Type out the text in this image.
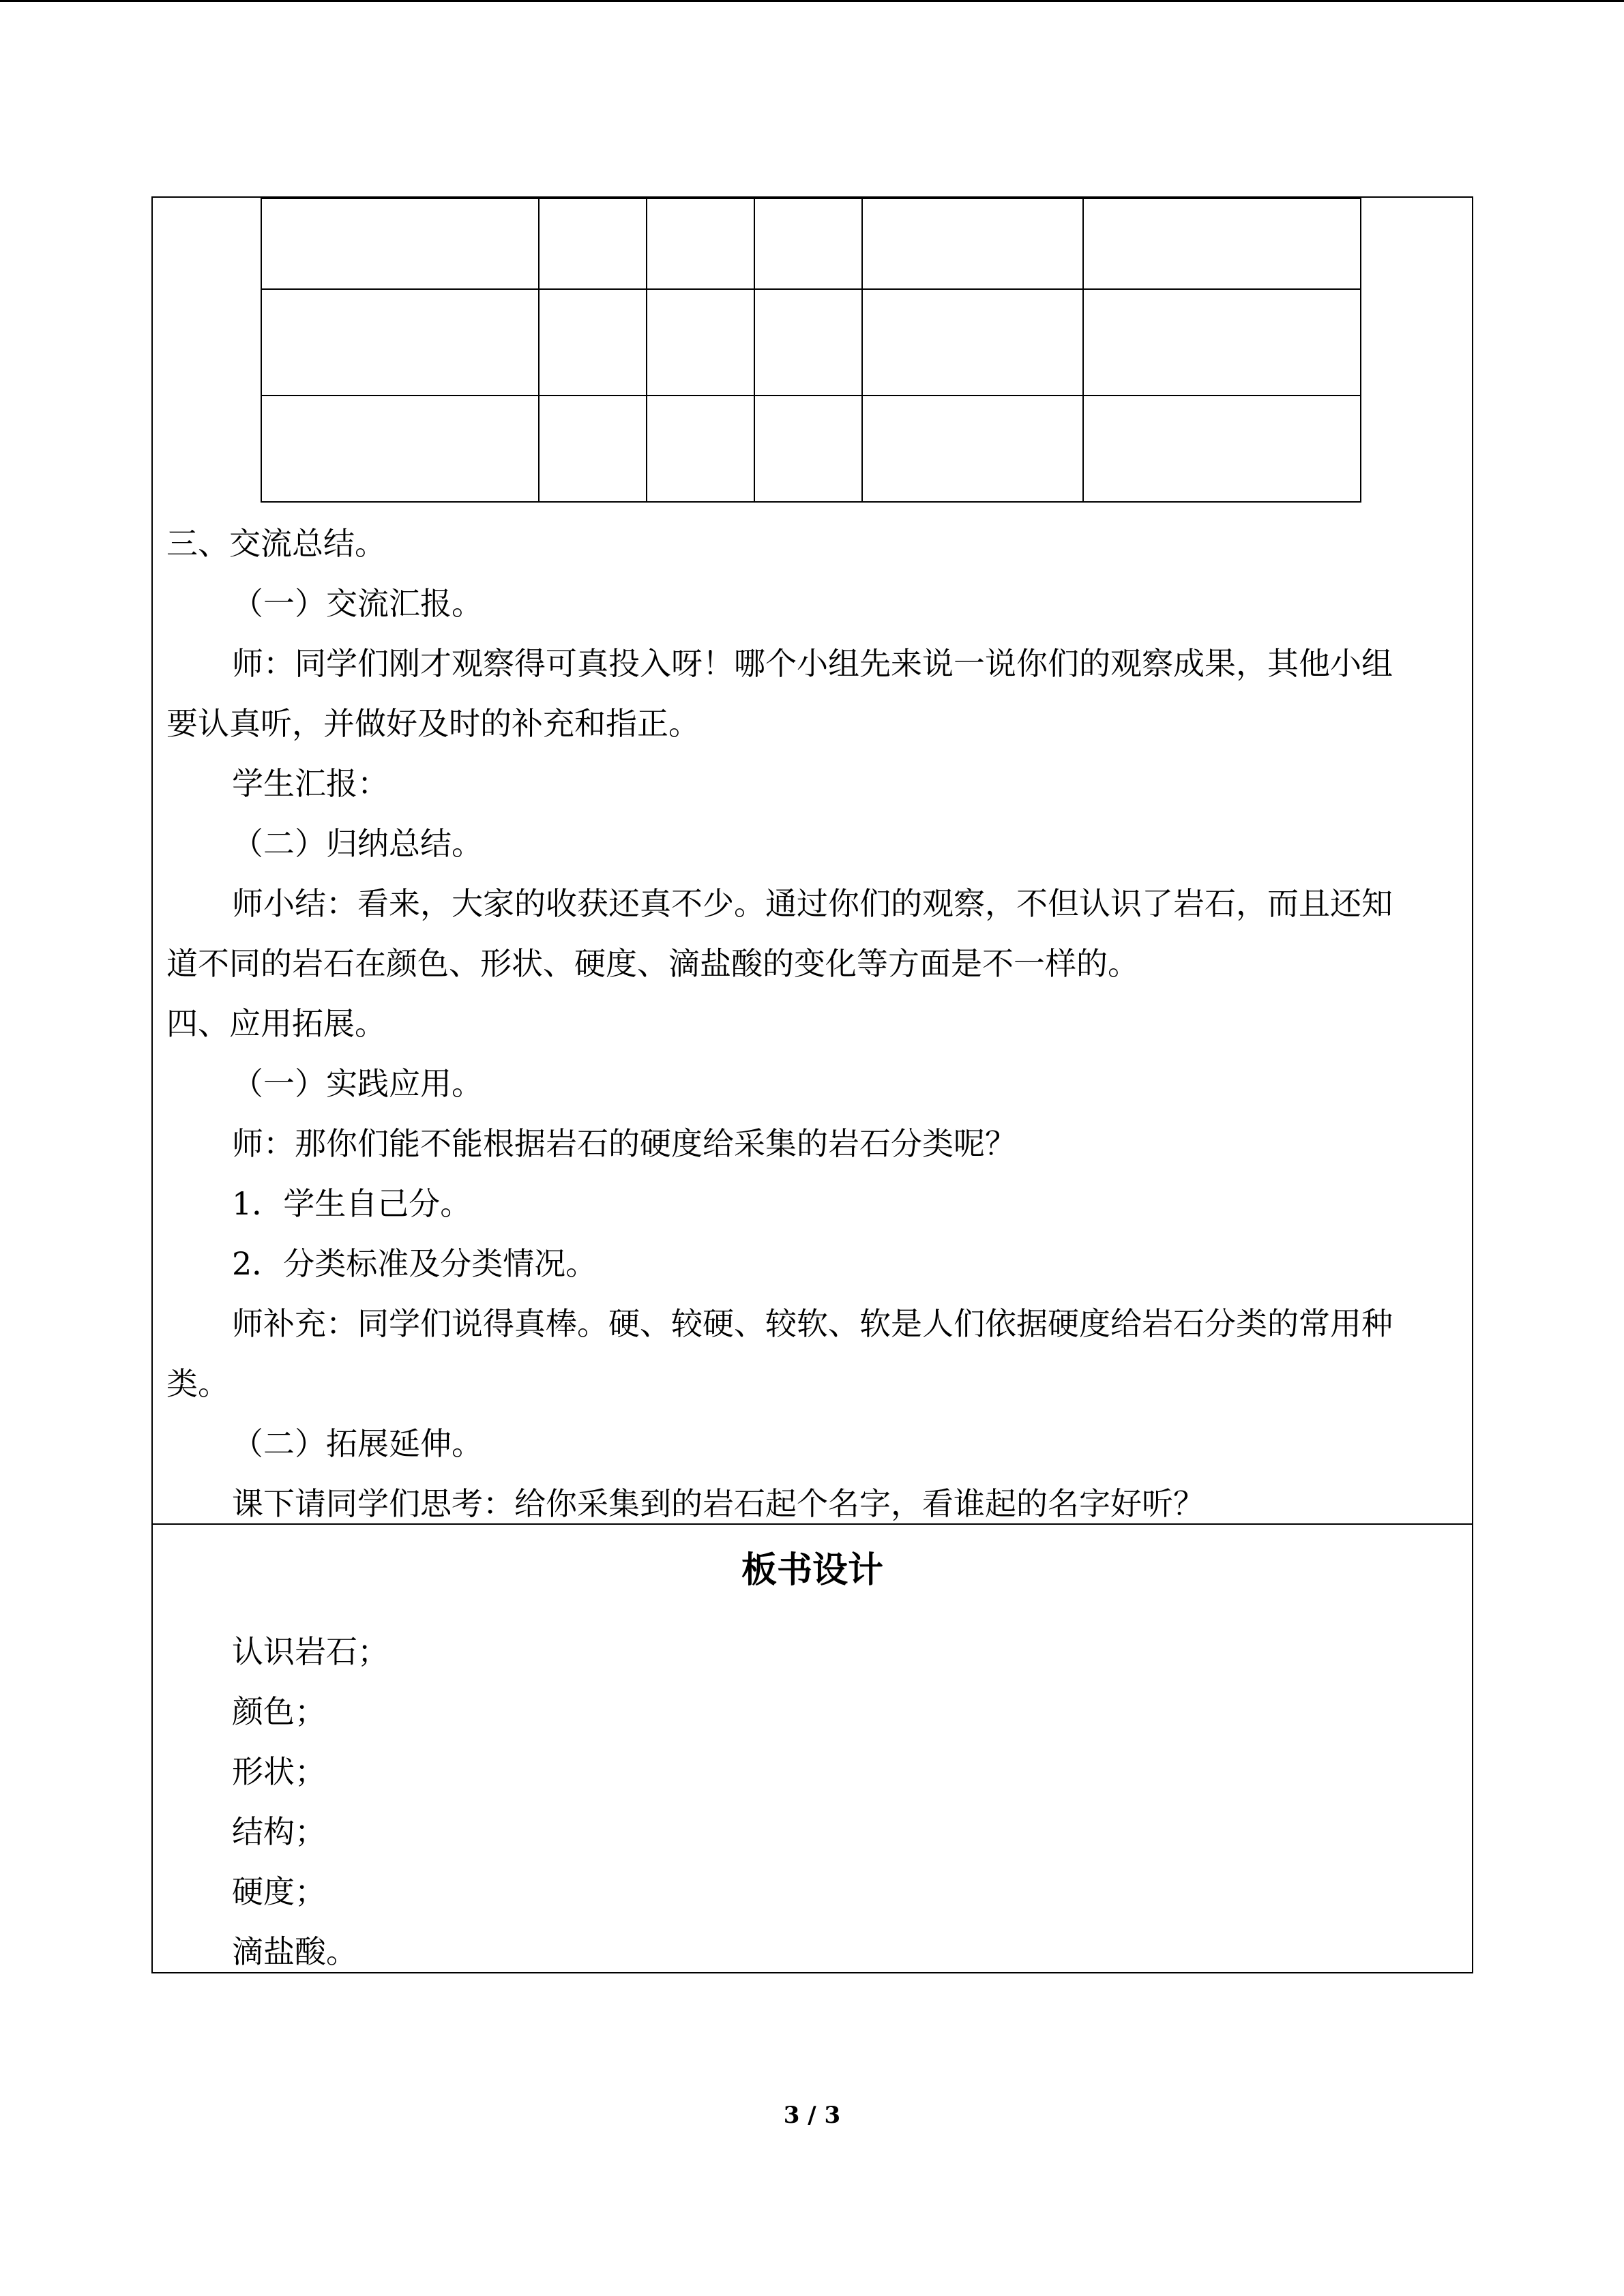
三、交流总结。
（一）交流汇报。
师：同学们刚才观察得可真投入呀！哪个小组先来说一说你们的观察成果，其他小组
要认真听，并做好及时的补充和指正。
学生汇报：
（二）归纳总结。
师小结：看来，大家的收获还真不少。通过你们的观察，不但认识了岩石，而且还知
道不同的岩石在颜色、形状、硬度、滴盐酸的变化等方面是不一样的。
四、应用拓展。
（一）实践应用。
师：那你们能不能根据岩石的硬度给采集的岩石分类呢？
1．学生自己分。
2．分类标准及分类情况。
师补充：同学们说得真棒。硬、较硬、较软、软是人们依据硬度给岩石分类的常用种
类。
（二）拓展延伸。
课下请同学们思考：给你采集到的岩石起个名字，看谁起的名字好听？
板书设计
认识岩石；
颜色；
形状；
结构；
硬度；
滴盐酸。
3 / 3
